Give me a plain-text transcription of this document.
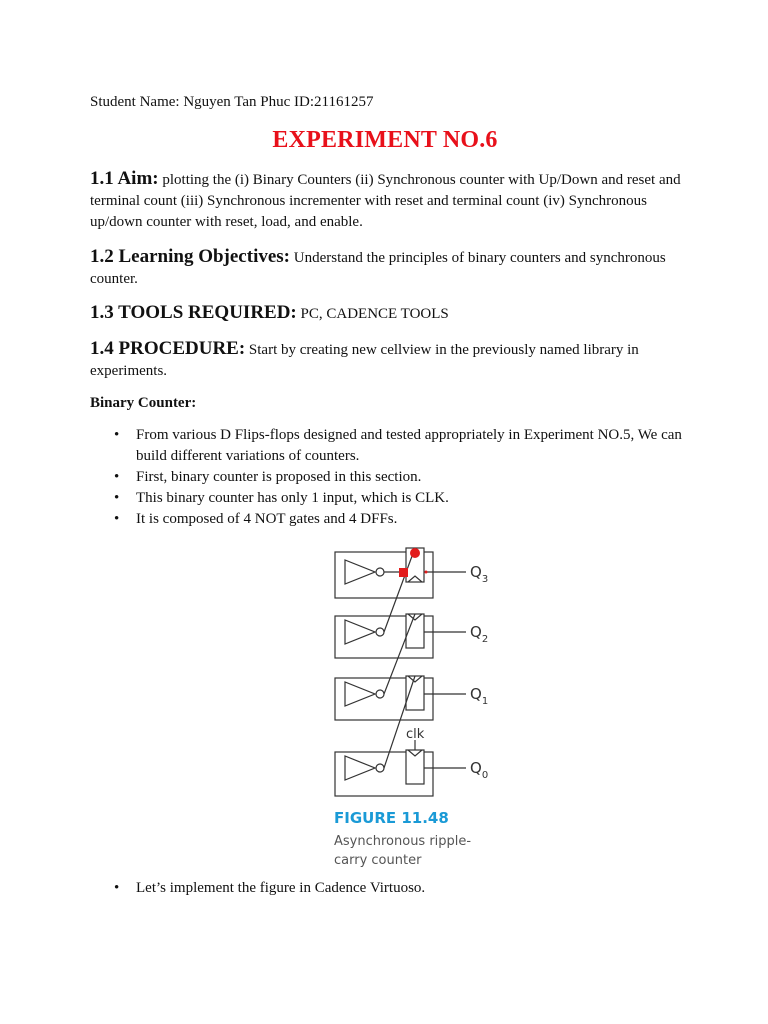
Student Name: Nguyen Tan Phuc ID:21161257
EXPERIMENT NO.6
1.1 Aim: plotting the (i) Binary Counters (ii) Synchronous counter with Up/Down and reset and terminal count (iii) Synchronous incrementer with reset and terminal count (iv) Synchronous up/down counter with reset, load, and enable.
1.2 Learning Objectives: Understand the principles of binary counters and synchronous counter.
1.3 TOOLS REQUIRED: PC, CADENCE TOOLS
1.4 PROCEDURE: Start by creating new cellview in the previously named library in experiments.
Binary Counter:
• From various D Flips-flops designed and tested appropriately in Experiment NO.5, We can build different variations of counters.
• First, binary counter is proposed in this section.
• This binary counter has only 1 input, which is CLK.
• It is composed of 4 NOT gates and 4 DFFs.
• Let’s implement the figure in Cadence Virtuoso.
$Q_3$
$Q_2$
$Q_1$
$Q_0$
clk
FIGURE 11.48
Asynchronous ripple-carry counter
